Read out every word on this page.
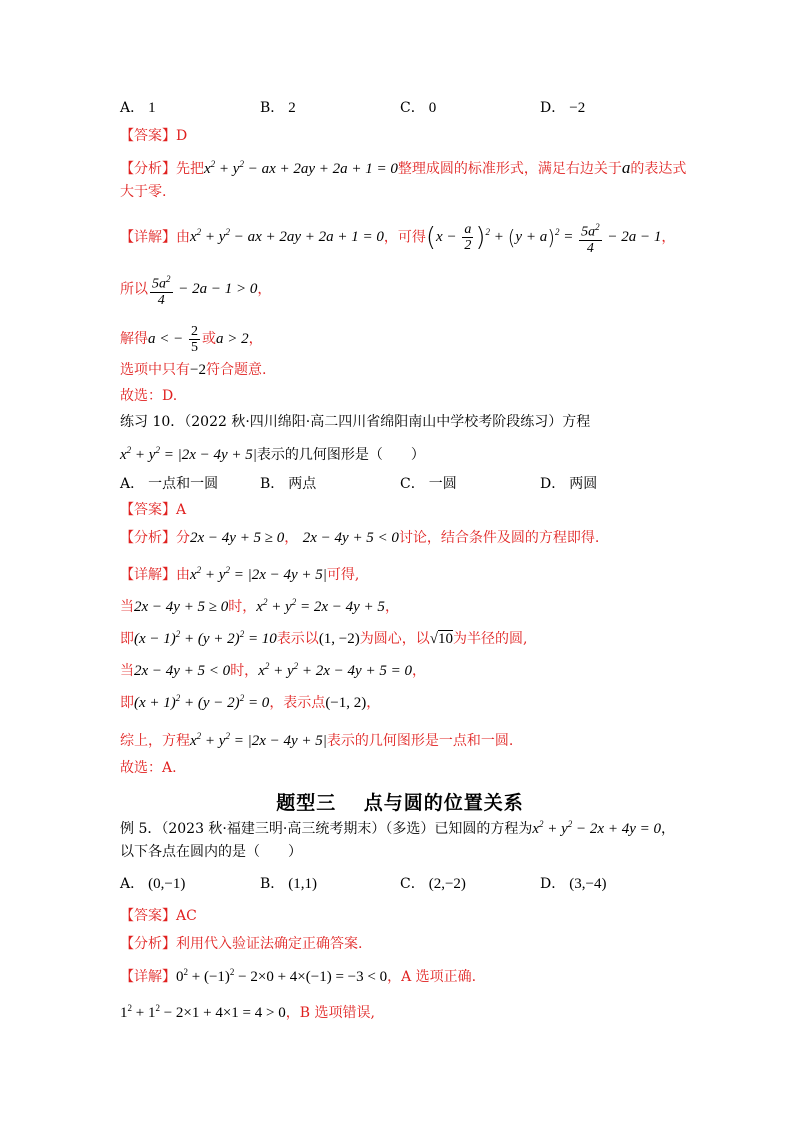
A． 1	B． 2	C． 0	D． −2
【答案】D
【分析】先把$x^2 + y^2$ − ax + 2ay + 2a + 1 = 0整理成圆的标准形式，满足右边关于a的表达式
大于零.
【详解】由$x^2 + y^2$ − ax + 2ay + 2a + 1 = 0，可得$(x - \frac{a}{2} )^2 + (y + a)^2 = \frac{5a^2}{4} - 2a - 1$，
所以 $\frac{5a^2}{4} - 2a - 1 > 0$，
解得a < − $\frac{2}{5}$ 或a > 2，
选项中只有−2符合题意.
故选：D.
练习 10．（2022 秋·四川绵阳·高二四川省绵阳南山中学校考阶段练习）方程
$x^2 + y^2 = |2x - 4y + 5|$表示的几何图形是（　　）
A． 一点和一圆	B． 两点	C． 一圆	D． 两圆
【答案】A
【分析】分2x − 4y + 5 ≥ 0， 2x − 4y + 5 < 0讨论，结合条件及圆的方程即得.
【详解】由$x^2 + y^2 = |2x - 4y + 5|$可得,
当2x − 4y + 5 ≥ 0时，$x^2 + y^2 = 2x - 4y + 5$，
即$(x - 1)^2 + (y + 2)^2 = 10$表示以(1, −2)为圆心，以√10为半径的圆,
当2x − 4y + 5 < 0时，$x^2 + y^2 + 2x - 4y + 5 = 0$，
即$(x + 1)^2 + (y - 2)^2 = 0$，表示点(−1, 2)，
综上，方程$x^2 + y^2 = |2x - 4y + 5|$表示的几何图形是一点和一圆.
故选：A.
题型三　 点与圆的位置关系
例 5．（2023 秋·福建三明·高三统考期末）（多选）已知圆的方程为$x^2 + y^2 - 2x + 4y = 0$，
以下各点在圆内的是（　　）
A． (0,−1)	B． (1,1)	C． (2,−2)	D． (3,−4)
【答案】AC
【分析】利用代入验证法确定正确答案.
【详解】$0^2 + (-1)^2 - 2\times 0 + 4\times(-1) = -3 < 0$，A 选项正确.
$1^2 + 1^2 - 2\times 1 + 4\times 1 = 4 > 0$，B 选项错误,
